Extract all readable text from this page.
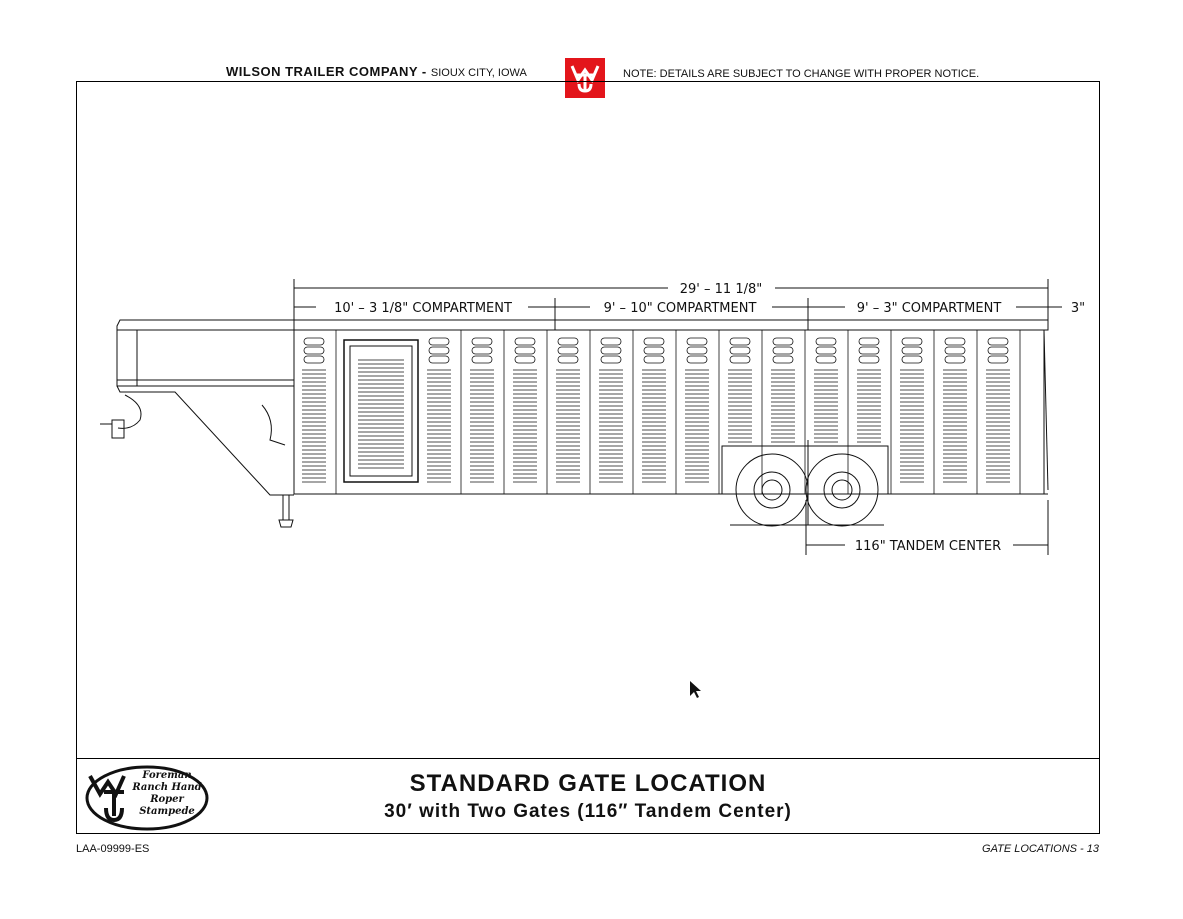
WILSON TRAILER COMPANY - SIOUX CITY, IOWA	NOTE: DETAILS ARE SUBJECT TO CHANGE WITH PROPER NOTICE.
29' – 11 1/8"
10' – 3 1/8" COMPARTMENT	9' – 10" COMPARTMENT	9' – 3" COMPARTMENT	3"
116" TANDEM CENTER
Foreman
Ranch Hand
Roper
Stampede
STANDARD GATE LOCATION
30′ with Two Gates (116″ Tandem Center)
LAA-09999-ES	GATE LOCATIONS - 13
